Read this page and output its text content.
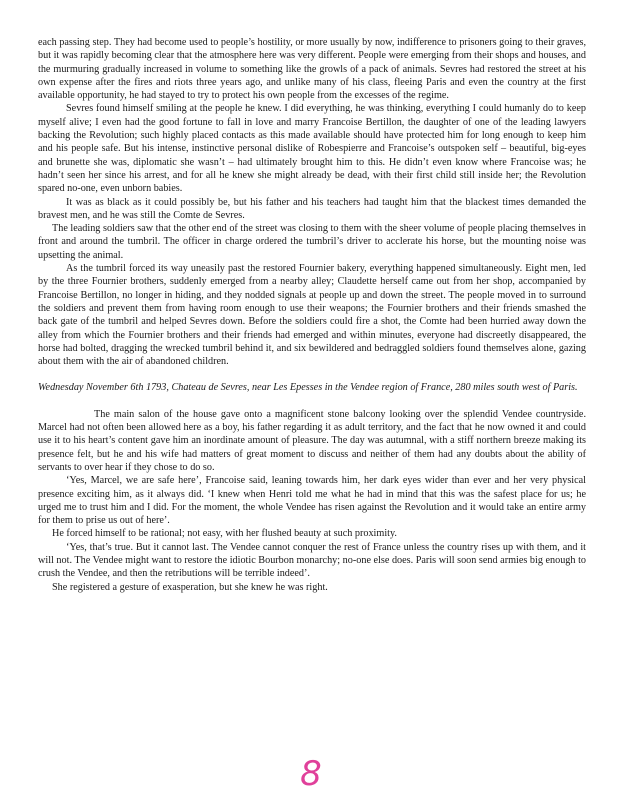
each passing step. They had become used to people’s hostility, or more usually by now, indifference to prisoners going to their graves, but it was rapidly becoming clear that the atmosphere here was very different. People were emerging from their shops and houses, and the murmuring gradually increased in volume to something like the growls of a pack of animals. Sevres had restored the street at his own expense after the fires and riots three years ago, and unlike many of his class, fleeing Paris and even the country at the first available opportunity, he had stayed to try to protect his own people from the excesses of the regime.

Sevres found himself smiling at the people he knew. I did everything, he was thinking, everything I could humanly do to keep myself alive; I even had the good fortune to fall in love and marry Francoise Bertillon, the daughter of one of the leading lawyers backing the Revolution; such highly placed contacts as this made available should have protected him for long enough to keep him and his people safe. But his intense, instinctive personal dislike of Robespierre and Francoise’s outspoken self – beautiful, big-eyes and brunette she was, diplomatic she wasn’t – had ultimately brought him to this. He didn’t even know where Francoise was; he hadn’t seen her since his arrest, and for all he knew she might already be dead, with their first child still inside her; the Revolution spared no-one, even unborn babies.

It was as black as it could possibly be, but his father and his teachers had taught him that the blackest times demanded the bravest men, and he was still the Comte de Sevres.

The leading soldiers saw that the other end of the street was closing to them with the sheer volume of people placing themselves in front and around the tumbril. The officer in charge ordered the tumbril’s driver to acclerate his horse, but the mounting noise was upsetting the animal.

As the tumbril forced its way uneasily past the restored Fournier bakery, everything happened simultaneously. Eight men, led by the three Fournier brothers, suddenly emerged from a nearby alley; Claudette herself came out from her shop, accompanied by Francoise Bertillon, no longer in hiding, and they nodded signals at people up and down the street. The people moved in to surround the soldiers and prevent them from having room enough to use their weapons; the Fournier brothers and their friends smashed the back gate of the tumbril and helped Sevres down. Before the soldiers could fire a shot, the Comte had been hurried away down the alley from which the Fournier brothers and their friends had emerged and within minutes, everyone had discreetly disappeared, the horse had bolted, dragging the wrecked tumbril behind it, and six bewildered and bedraggled soldiers found themselves alone, gazing about them with the air of abandoned children.

Wednesday November 6th 1793, Chateau de Sevres, near Les Epesses in the Vendee region of France, 280 miles south west of Paris.

The main salon of the house gave onto a magnificent stone balcony looking over the splendid Vendee countryside. Marcel had not often been allowed here as a boy, his father regarding it as adult territory, and the fact that he now owned it and could use it to his heart’s content gave him an inordinate amount of pleasure. The day was autumnal, with a stiff northern breeze making its presence felt, but he and his wife had matters of great moment to discuss and neither of them had any doubts about the ability of servants to over hear if they chose to do so.

‘Yes, Marcel, we are safe here’, Francoise said, leaning towards him, her dark eyes wider than ever and her very physical presence exciting him, as it always did. ‘I knew when Henri told me what he had in mind that this was the safest place for us; he urged me to trust him and I did. For the moment, the whole Vendee has risen against the Revolution and it would take an entire army for them to prise us out of here’.

He forced himself to be rational; not easy, with her flushed beauty at such proximity.

‘Yes, that’s true. But it cannot last. The Vendee cannot conquer the rest of France unless the country rises up with them, and it will not. The Vendee might want to restore the idiotic Bourbon monarchy; no-one else does. Paris will soon send armies big enough to crush the Vendee, and then the retributions will be terrible indeed’.

She registered a gesture of exasperation, but she knew he was right.

8
